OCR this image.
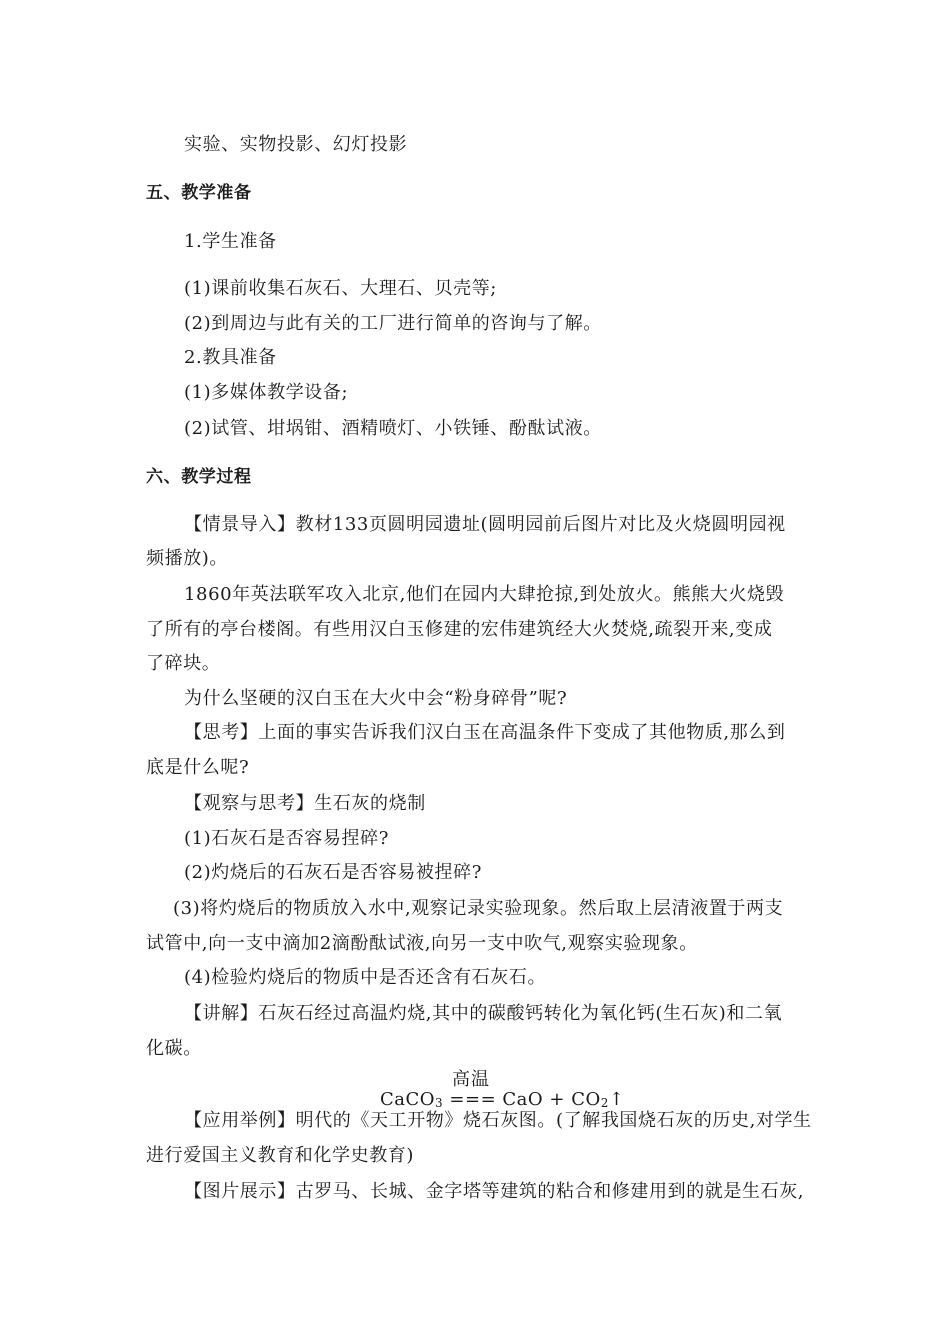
实验、实物投影、幻灯投影
五、教学准备
1.学生准备
(1)课前收集石灰石、大理石、贝壳等;
(2)到周边与此有关的工厂进行简单的咨询与了解。
2.教具准备
(1)多媒体教学设备;
(2)试管、坩埚钳、酒精喷灯、小铁锤、酚酞试液。
六、教学过程
【情景导入】教材133页圆明园遗址(圆明园前后图片对比及火烧圆明园视
频播放)。
1860年英法联军攻入北京,他们在园内大肆抢掠,到处放火。熊熊大火烧毁
了所有的亭台楼阁。有些用汉白玉修建的宏伟建筑经大火焚烧,疏裂开来,变成
了碎块。
为什么坚硬的汉白玉在大火中会“粉身碎骨”呢?
【思考】上面的事实告诉我们汉白玉在高温条件下变成了其他物质,那么到
底是什么呢?
【观察与思考】生石灰的烧制
(1)石灰石是否容易捏碎?
(2)灼烧后的石灰石是否容易被捏碎?
(3)将灼烧后的物质放入水中,观察记录实验现象。然后取上层清液置于两支
试管中,向一支中滴加2滴酚酞试液,向另一支中吹气,观察实验现象。
(4)检验灼烧后的物质中是否还含有石灰石。
【讲解】石灰石经过高温灼烧,其中的碳酸钙转化为氧化钙(生石灰)和二氧
化碳。
高温
CaCO$_3$ === CaO + $CO_2↑$
【应用举例】明代的《天工开物》烧石灰图。(了解我国烧石灰的历史,对学生
进行爱国主义教育和化学史教育)
【图片展示】古罗马、长城、金字塔等建筑的粘合和修建用到的就是生石灰,
